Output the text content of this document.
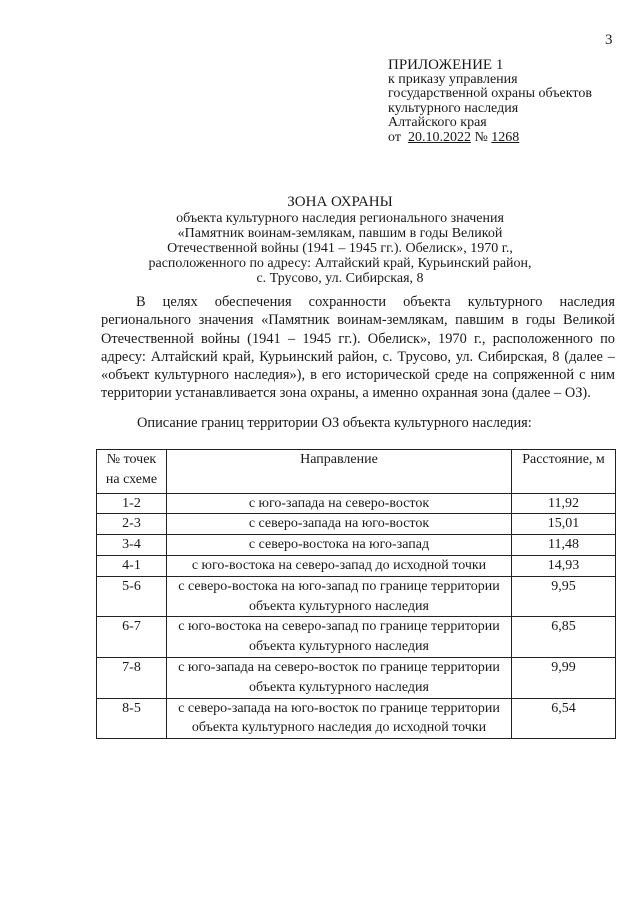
3
ПРИЛОЖЕНИЕ 1
к приказу управления
государственной охраны объектов
культурного наследия
Алтайского края
от 20.10.2022 № 1268
ЗОНА ОХРАНЫ
объекта культурного наследия регионального значения
«Памятник воинам-землякам, павшим в годы Великой
Отечественной войны (1941 – 1945 гг.). Обелиск», 1970 г.,
расположенного по адресу: Алтайский край, Курьинский район,
с. Трусово, ул. Сибирская, 8

В целях обеспечения сохранности объекта культурного наследия регионального значения «Памятник воинам-землякам, павшим в годы Великой Отечественной войны (1941 – 1945 гг.). Обелиск», 1970 г., расположенного по адресу: Алтайский край, Курьинский район, с. Трусово, ул. Сибирская, 8 (далее – «объект культурного наследия»), в его исторической среде на сопряженной с ним территории устанавливается зона охраны, а именно охранная зона (далее – ОЗ).

Описание границ территории ОЗ объекта культурного наследия:
№ точек на схеме	Направление	Расстояние, м
1-2	с юго-запада на северо-восток	11,92
2-3	с северо-запада на юго-восток	15,01
3-4	с северо-востока на юго-запад	11,48
4-1	с юго-востока на северо-запад до исходной точки	14,93
5-6	с северо-востока на юго-запад по границе территории объекта культурного наследия	9,95
6-7	с юго-востока на северо-запад по границе территории объекта культурного наследия	6,85
7-8	с юго-запада на северо-восток по границе территории объекта культурного наследия	9,99
8-5	с северо-запада на юго-восток по границе территории объекта культурного наследия до исходной точки	6,54
